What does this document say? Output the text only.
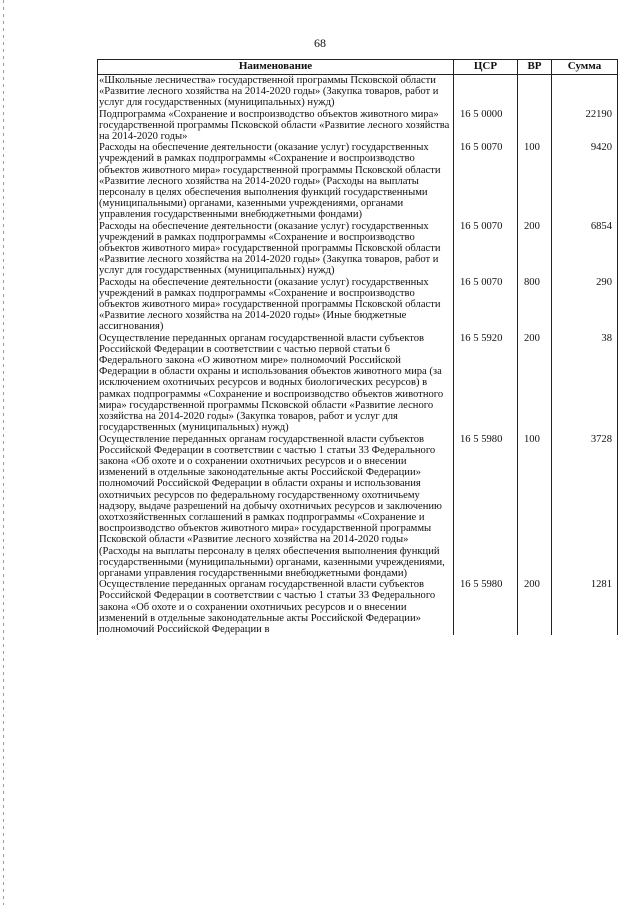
68
Наименование	ЦСР	ВР	Сумма
«Школьные лесничества» государственной программы Псковской области «Развитие лесного хозяйства на 2014-2020 годы» (Закупка товаров, работ и услуг для государственных (муниципальных) нужд)			
Подпрограмма «Сохранение и воспроизводство объектов животного мира» государственной программы Псковской области «Развитие лесного хозяйства на 2014-2020 годы»	16 5 0000		22190
Расходы на обеспечение деятельности (оказание услуг) государственных учреждений в рамках подпрограммы «Сохранение и воспроизводство объектов животного мира» государственной программы Псковской области «Развитие лесного хозяйства на 2014-2020 годы» (Расходы на выплаты персоналу в целях обеспечения выполнения функций государственными (муниципальными) органами, казенными учреждениями, органами управления государственными внебюджетными фондами)	16 5 0070	100	9420
Расходы на обеспечение деятельности (оказание услуг) государственных учреждений в рамках подпрограммы «Сохранение и воспроизводство объектов животного мира» государственной программы Псковской области «Развитие лесного хозяйства на 2014-2020 годы» (Закупка товаров, работ и услуг для государственных (муниципальных) нужд)	16 5 0070	200	6854
Расходы на обеспечение деятельности (оказание услуг) государственных учреждений в рамках подпрограммы «Сохранение и воспроизводство объектов животного мира» государственной программы Псковской области «Развитие лесного хозяйства на 2014-2020 годы» (Иные бюджетные ассигнования)	16 5 0070	800	290
Осуществление переданных органам государственной власти субъектов Российской Федерации в соответствии с частью первой статьи 6 Федерального закона «О животном мире» полномочий Российской Федерации в области охраны и использования объектов животного мира (за исключением охотничьих ресурсов и водных биологических ресурсов) в рамках подпрограммы «Сохранение и воспроизводство объектов животного мира» государственной программы Псковской области «Развитие лесного хозяйства на 2014-2020 годы» (Закупка товаров, работ и услуг для государственных (муниципальных) нужд)	16 5 5920	200	38
Осуществление переданных органам государственной власти субъектов Российской Федерации в соответствии с частью 1 статьи 33 Федерального закона «Об охоте и о сохранении охотничьих ресурсов и о внесении изменений в отдельные законодательные акты Российской Федерации» полномочий Российской Федерации в области охраны и использования охотничьих ресурсов по федеральному государственному охотничьему надзору, выдаче разрешений на добычу охотничьих ресурсов и заключению охотхозяйственных соглашений в рамках подпрограммы «Сохранение и воспроизводство объектов животного мира» государственной программы Псковской области «Развитие лесного хозяйства на 2014-2020 годы» (Расходы на выплаты персоналу в целях обеспечения выполнения функций государственными (муниципальными) органами, казенными учреждениями, органами управления государственными внебюджетными фондами)	16 5 5980	100	3728
Осуществление переданных органам государственной власти субъектов Российской Федерации в соответствии с частью 1 статьи 33 Федерального закона «Об охоте и о сохранении охотничьих ресурсов и о внесении изменений в отдельные законодательные акты Российской Федерации» полномочий Российской Федерации в	16 5 5980	200	1281
